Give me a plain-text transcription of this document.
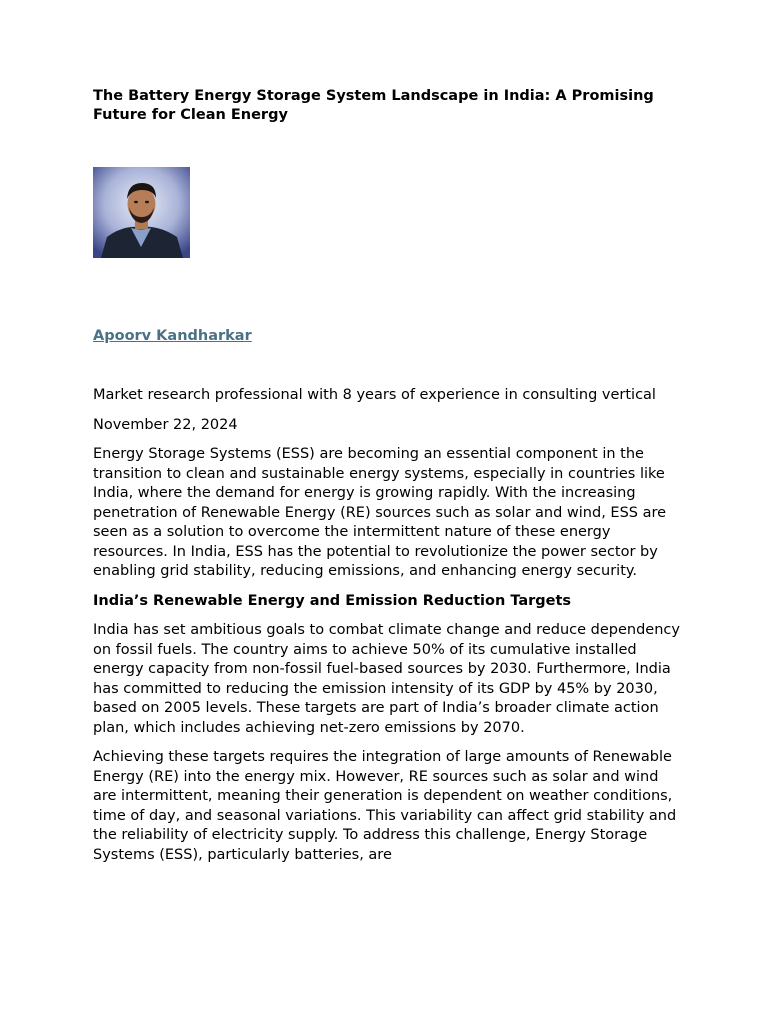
The Battery Energy Storage System Landscape in India: A Promising Future for Clean Energy
Apoorv Kandharkar

Market research professional with 8 years of experience in consulting vertical

November 22, 2024

Energy Storage Systems (ESS) are becoming an essential component in the transition to clean and sustainable energy systems, especially in countries like India, where the demand for energy is growing rapidly. With the increasing penetration of Renewable Energy (RE) sources such as solar and wind, ESS are seen as a solution to overcome the intermittent nature of these energy resources. In India, ESS has the potential to revolutionize the power sector by enabling grid stability, reducing emissions, and enhancing energy security.

India’s Renewable Energy and Emission Reduction Targets

India has set ambitious goals to combat climate change and reduce dependency on fossil fuels. The country aims to achieve 50% of its cumulative installed energy capacity from non-fossil fuel-based sources by 2030. Furthermore, India has committed to reducing the emission intensity of its GDP by 45% by 2030, based on 2005 levels. These targets are part of India’s broader climate action plan, which includes achieving net-zero emissions by 2070.

Achieving these targets requires the integration of large amounts of Renewable Energy (RE) into the energy mix. However, RE sources such as solar and wind are intermittent, meaning their generation is dependent on weather conditions, time of day, and seasonal variations. This variability can affect grid stability and the reliability of electricity supply. To address this challenge, Energy Storage Systems (ESS), particularly batteries, are
